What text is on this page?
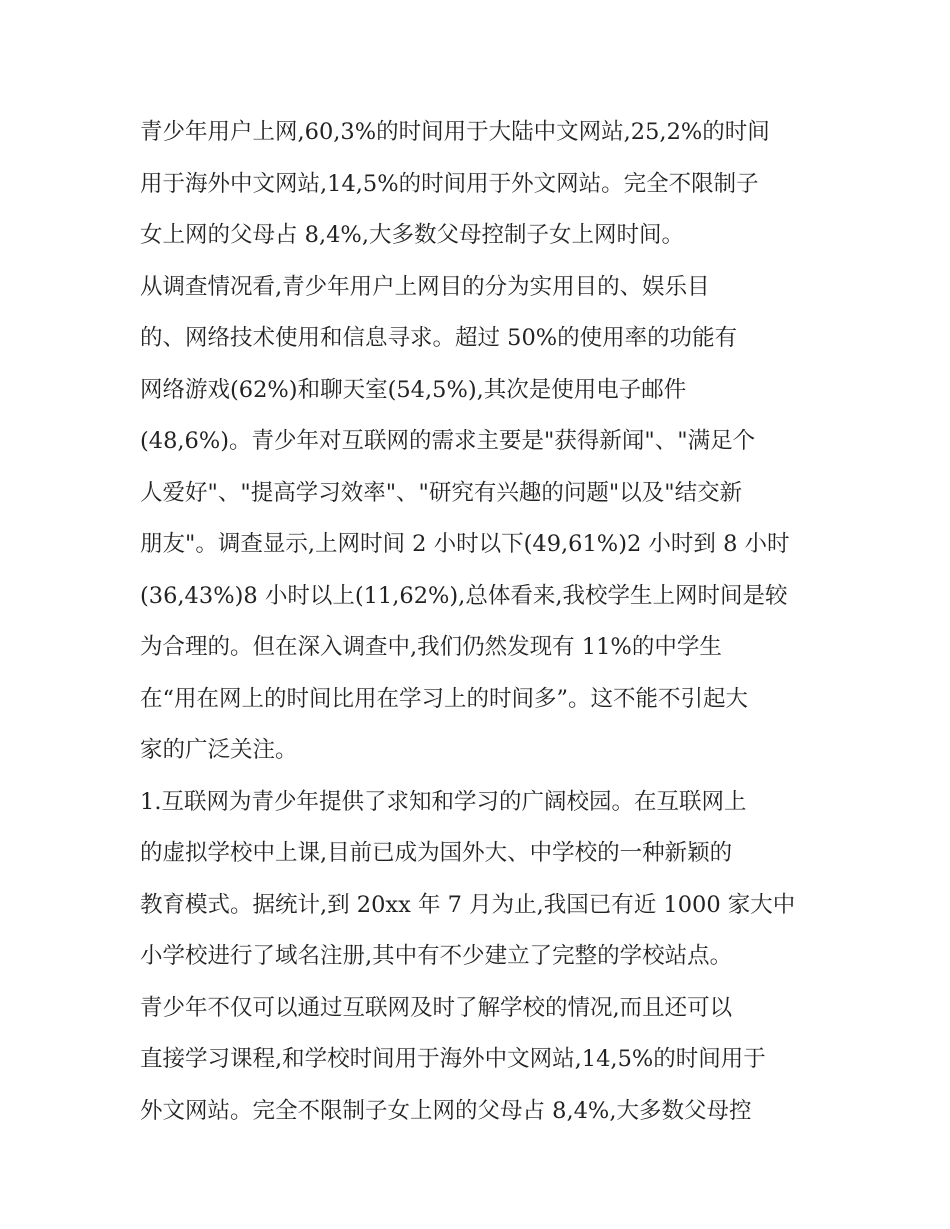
青少年用户上网,60,3%的时间用于大陆中文网站,25,2%的时间
用于海外中文网站,14,5%的时间用于外文网站。完全不限制子
女上网的父母占 8,4%,大多数父母控制子女上网时间。
从调查情况看,青少年用户上网目的分为实用目的、娱乐目
的、网络技术使用和信息寻求。超过 50%的使用率的功能有
网络游戏(62%)和聊天室(54,5%),其次是使用电子邮件
(48,6%)。青少年对互联网的需求主要是"获得新闻"、"满足个
人爱好"、"提高学习效率"、"研究有兴趣的问题"以及"结交新
朋友"。调查显示,上网时间 2 小时以下(49,61%)2 小时到 8 小时
(36,43%)8 小时以上(11,62%),总体看来,我校学生上网时间是较
为合理的。但在深入调查中,我们仍然发现有 11%的中学生
在“用在网上的时间比用在学习上的时间多”。这不能不引起大
家的广泛关注。
1.互联网为青少年提供了求知和学习的广阔校园。在互联网上
的虚拟学校中上课,目前已成为国外大、中学校的一种新颖的
教育模式。据统计,到 20xx 年 7 月为止,我国已有近 1000 家大中
小学校进行了域名注册,其中有不少建立了完整的学校站点。
青少年不仅可以通过互联网及时了解学校的情况,而且还可以
直接学习课程,和学校时间用于海外中文网站,14,5%的时间用于
外文网站。完全不限制子女上网的父母占 8,4%,大多数父母控
